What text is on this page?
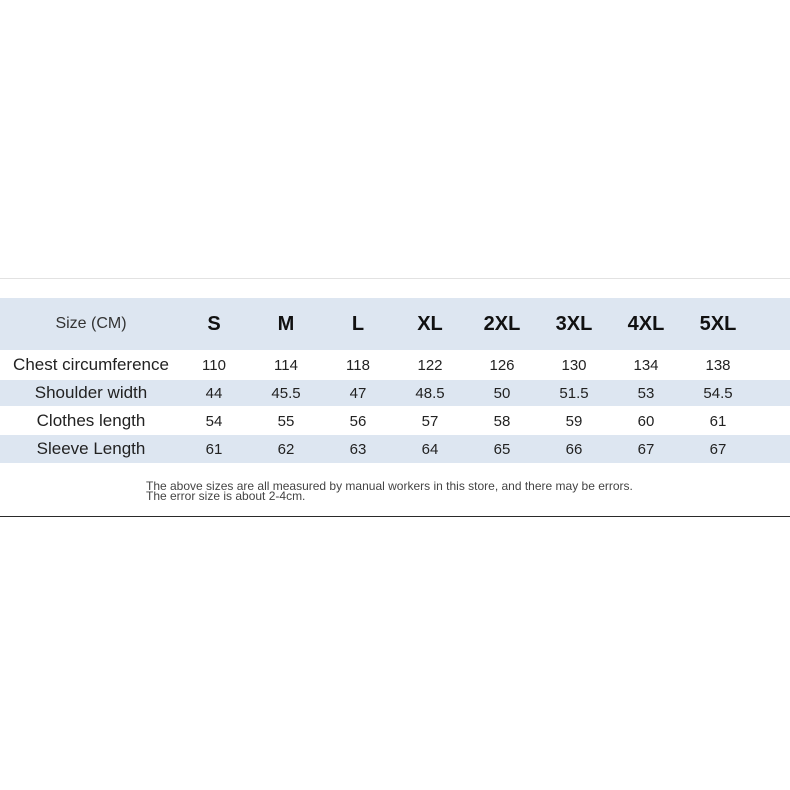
Size (CM)	S	M	L	XL	2XL	3XL	4XL	5XL
Chest circumference	110	114	118	122	126	130	134	138
Shoulder width	44	45.5	47	48.5	50	51.5	53	54.5
Clothes length	54	55	56	57	58	59	60	61
Sleeve Length	61	62	63	64	65	66	67	67
The above sizes are all measured by manual workers in this store, and there may be errors.
The error size is about 2-4cm.
